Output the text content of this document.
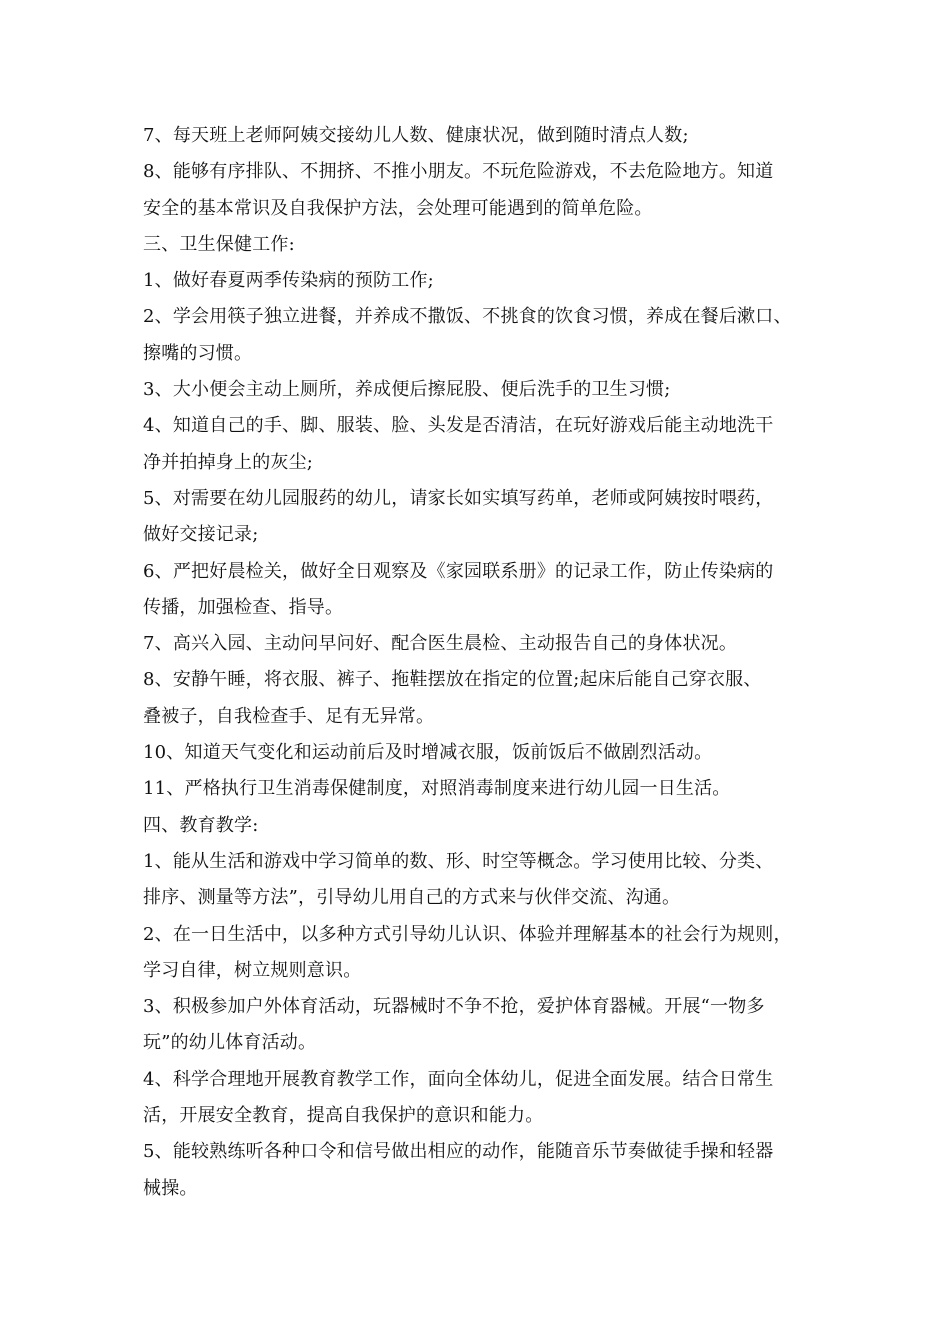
7、每天班上老师阿姨交接幼儿人数、健康状况，做到随时清点人数;
8、能够有序排队、不拥挤、不推小朋友。不玩危险游戏，不去危险地方。知道
安全的基本常识及自我保护方法，会处理可能遇到的简单危险。
三、卫生保健工作:
1、做好春夏两季传染病的预防工作;
2、学会用筷子独立进餐，并养成不撒饭、不挑食的饮食习惯，养成在餐后漱口、
擦嘴的习惯。
3、大小便会主动上厕所，养成便后擦屁股、便后洗手的卫生习惯;
4、知道自己的手、脚、服装、脸、头发是否清洁，在玩好游戏后能主动地洗干
净并拍掉身上的灰尘;
5、对需要在幼儿园服药的幼儿，请家长如实填写药单，老师或阿姨按时喂药，
做好交接记录;
6、严把好晨检关，做好全日观察及《家园联系册》的记录工作，防止传染病的
传播，加强检查、指导。
7、高兴入园、主动问早问好、配合医生晨检、主动报告自己的身体状况。
8、安静午睡，将衣服、裤子、拖鞋摆放在指定的位置;起床后能自己穿衣服、
叠被子，自我检查手、足有无异常。
10、知道天气变化和运动前后及时增减衣服，饭前饭后不做剧烈活动。
11、严格执行卫生消毒保健制度，对照消毒制度来进行幼儿园一日生活。
四、教育教学:
1、能从生活和游戏中学习简单的数、形、时空等概念。学习使用比较、分类、
排序、测量等方法”，引导幼儿用自己的方式来与伙伴交流、沟通。
2、在一日生活中，以多种方式引导幼儿认识、体验并理解基本的社会行为规则，
学习自律，树立规则意识。
3、积极参加户外体育活动，玩器械时不争不抢，爱护体育器械。开展“一物多
玩”的幼儿体育活动。
4、科学合理地开展教育教学工作，面向全体幼儿，促进全面发展。结合日常生
活，开展安全教育，提高自我保护的意识和能力。
5、能较熟练听各种口令和信号做出相应的动作，能随音乐节奏做徒手操和轻器
械操。
